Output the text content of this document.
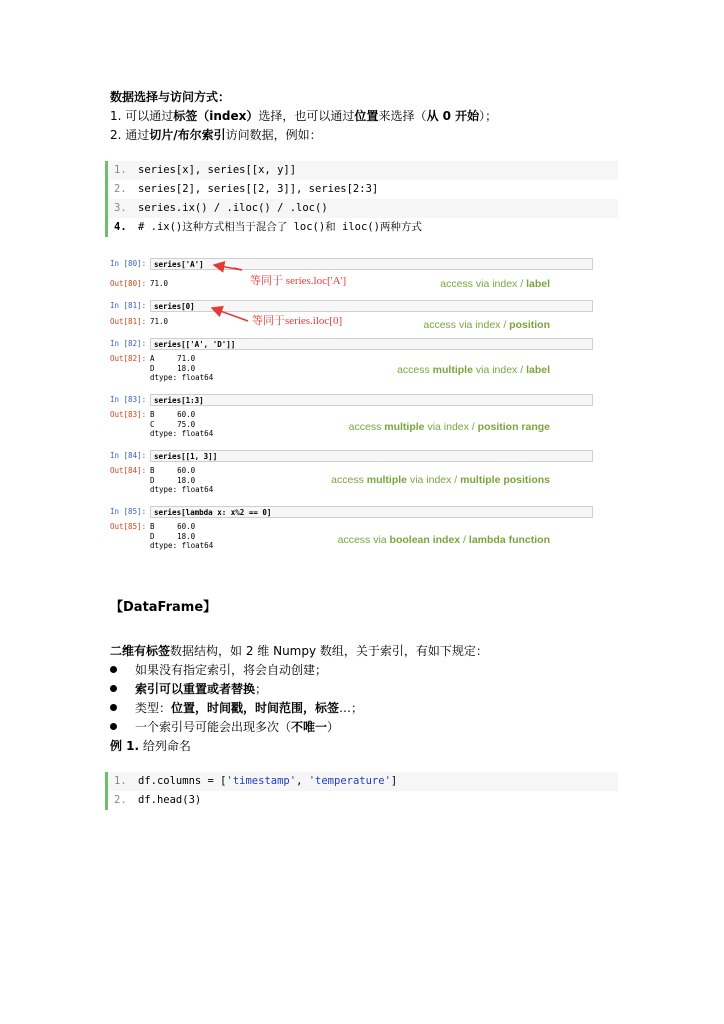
数据选择与访问方式：
1. 可以通过标签（index）选择，也可以通过位置来选择（从 0 开始）；
2. 通过切片/布尔索引访问数据，例如：
1. series[x], series[[x, y]]
2. series[2], series[[2, 3]], series[2:3]
3. series.ix() / .iloc() / .loc()
4. # .ix()这种方式相当于混合了 loc()和 iloc()两种方式
In [80]:	series['A']
Out[80]: 71.0	access via index / label
In [81]:	series[0]
Out[81]: 71.0	access via index / position
In [82]:	series[['A', 'D']]
Out[82]: A     71.0
D     18.0
dtype: float64
access multiple via index / label
In [83]:	series[1:3]
Out[83]: B     60.0
C     75.0
dtype: float64
access multiple via index / position range
In [84]:	series[[1, 3]]
Out[84]: B     60.0
D     18.0
dtype: float64
access multiple via index / multiple positions
In [85]:	series[lambda x: x%2 == 0]
Out[85]: B     60.0
D     18.0
dtype: float64	access via boolean index / lambda function
等同于 series.loc['A']
等同于series.iloc[0]
【DataFrame】
二维有标签数据结构，如 2 维 Numpy 数组，关于索引，有如下规定：
如果没有指定索引，将会自动创建；
索引可以重置或者替换；
类型：位置，时间戳，时间范围，标签…；
一个索引号可能会出现多次（不唯一）
例 1. 给列命名
1. df.columns = ['timestamp', 'temperature']
2. df.head(3)
